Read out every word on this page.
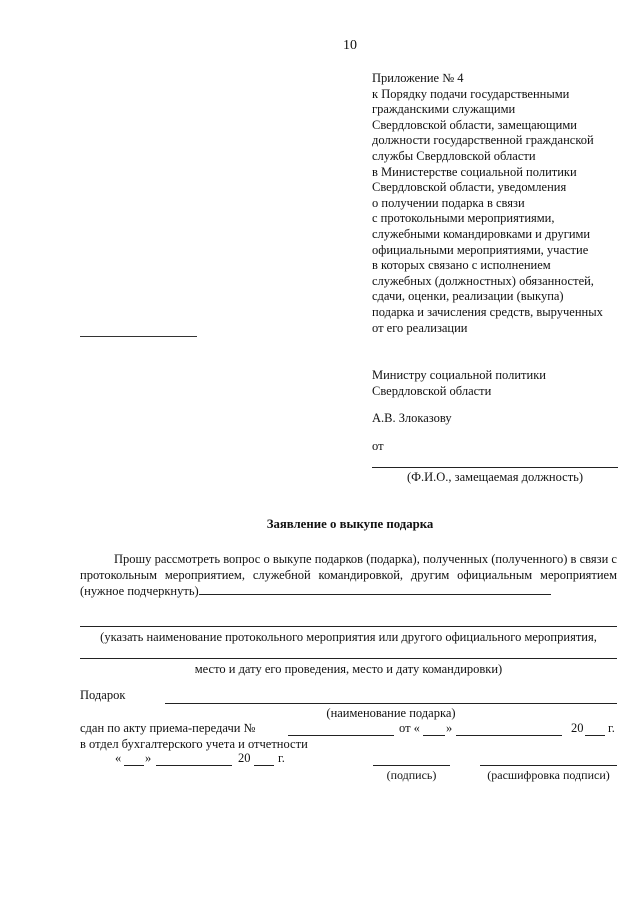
10
Приложение № 4
к Порядку подачи государственными
гражданскими служащими
Свердловской области, замещающими
должности государственной гражданской
службы Свердловской области
в Министерстве социальной политики
Свердловской области, уведомления
о получении подарка в связи
с протокольными мероприятиями,
служебными командировками и другими
официальными мероприятиями, участие
в которых связано с исполнением
служебных (должностных) обязанностей,
сдачи, оценки, реализации (выкупа)
подарка и зачисления средств, вырученных
от его реализации
Министру социальной политики
Свердловской области
А.В. Злоказову
от
(Ф.И.О., замещаемая должность)
Заявление о выкупе подарка
Прошу рассмотреть вопрос о выкупе подарков (подарка), полученных (полученного) в связи с протокольным мероприятием, служебной командировкой, другим официальным мероприятием (нужное подчеркнуть)
(указать наименование протокольного мероприятия или другого официального мероприятия,
место и дату его проведения, место и дату командировки)
Подарок
(наименование подарка)
сдан по акту приема-передачи №	от « »	20 г.
в отдел бухгалтерского учета и отчетности
« »	20 г.
(подпись)	(расшифровка подписи)
